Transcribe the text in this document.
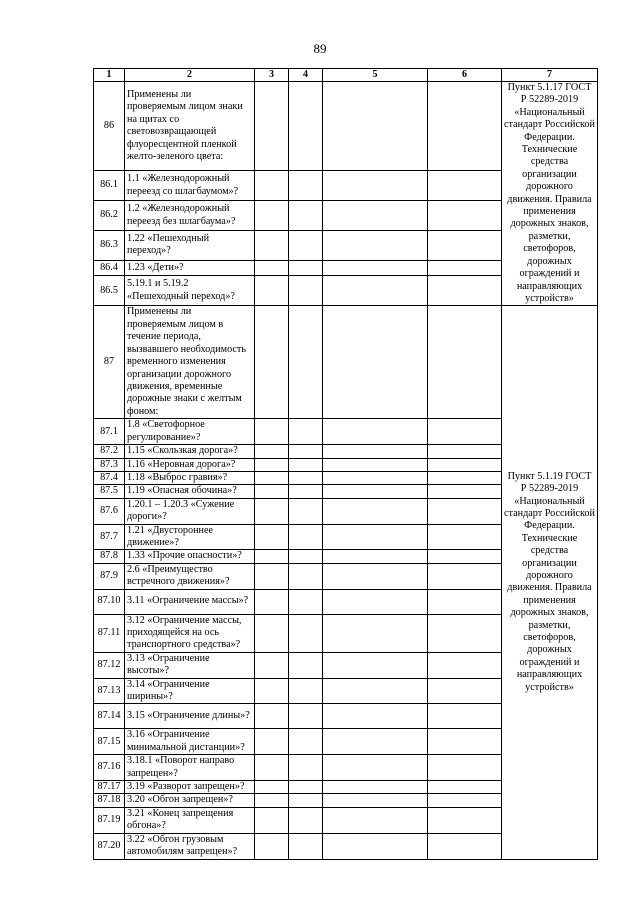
89
1	2	3	4	5	6	7
86	Применены ли проверяемым лицом знаки на щитах со световозвращающей флуоресцентной пленкой желто-зеленого цвета:					Пункт 5.1.17 ГОСТ Р 52289-2019 «Национальный стандарт Российской Федерации. Технические средства организации дорожного движения. Правила применения дорожных знаков, разметки, светофоров, дорожных ограждений и направляющих устройств»
86.1	1.1 «Железнодорожный переезд со шлагбаумом»?					
86.2	1.2 «Железнодорожный переезд без шлагбаума»?					
86.3	1.22 «Пешеходный переход»?					
86.4	1.23 «Дети»?					
86.5	5.19.1 и 5.19.2 «Пешеходный переход»?					
87	Применены ли проверяемым лицом в течение периода, вызвавшего необходимость временного изменения организации дорожного движения, временные дорожные знаки с желтым фоном:					Пункт 5.1.19 ГОСТ Р 52289-2019 «Национальный стандарт Российской Федерации. Технические средства организации дорожного движения. Правила применения дорожных знаков, разметки, светофоров, дорожных ограждений и направляющих устройств»
87.1	1.8 «Светофорное регулирование»?					
87.2	1.15 «Скользкая дорога»?					
87.3	1.16 «Неровная дорога»?					
87.4	1.18 «Выброс гравия»?					
87.5	1.19 «Опасная обочина»?					
87.6	1.20.1 – 1.20.3 «Сужение дороги»?					
87.7	1.21 «Двустороннее движение»?					
87.8	1.33 «Прочие опасности»?					
87.9	2.6 «Преимущество встречного движения»?					
87.10	3.11 «Ограничение массы»?					
87.11	3.12 «Ограничение массы, приходящейся на ось транспортного средства»?					
87.12	3.13 «Ограничение высоты»?					
87.13	3.14 «Ограничение ширины»?					
87.14	3.15 «Ограничение длины»?					
87.15	3.16 «Ограничение минимальной дистанции»?					
87.16	3.18.1 «Поворот направо запрещен»?					
87.17	3.19 «Разворот запрещен»?					
87.18	3.20 «Обгон запрещен»?					
87.19	3.21 «Конец запрещения обгона»?					
87.20	3.22 «Обгон грузовым автомобилям запрещен»?					
